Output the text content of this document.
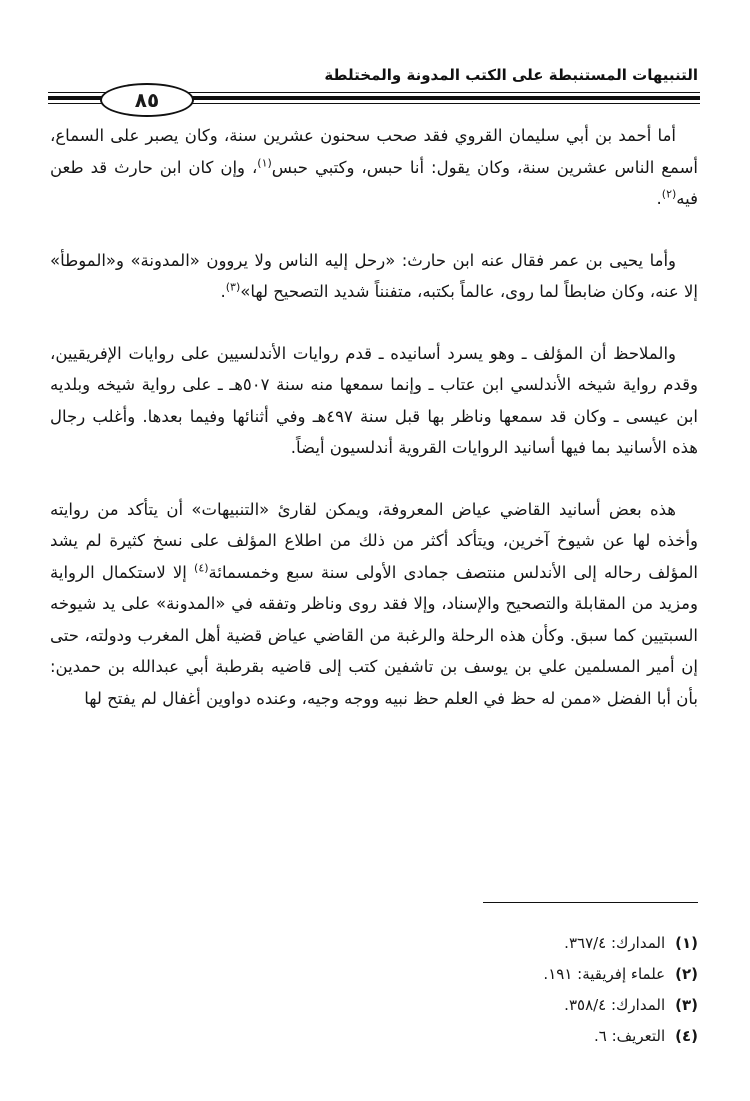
التنبيهات المستنبطة على الكتب المدونة والمختلطة
٨٥

أما أحمد بن أبي سليمان القروي فقد صحب سحنون عشرين سنة، وكان يصبر على السماع، أسمع الناس عشرين سنة، وكان يقول: أنا حبس، وكتبي حبس$^{(١)}$، وإن كان ابن حارث قد طعن فيه$^{(٢)}$.

وأما يحيى بن عمر فقال عنه ابن حارث: «رحل إليه الناس ولا يروون «المدونة» و«الموطأ» إلا عنه، وكان ضابطاً لما روى، عالماً بكتبه، متفنناً شديد التصحيح لها»$^{(٣)}$.

والملاحظ أن المؤلف ـ وهو يسرد أسانيده ـ قدم روايات الأندلسيين على روايات الإفريقيين، وقدم رواية شيخه الأندلسي ابن عتاب ـ وإنما سمعها منه سنة ٥٠٧هـ ـ على رواية شيخه وبلديه ابن عيسى ـ وكان قد سمعها وناظر بها قبل سنة ٤٩٧هـ وفي أثنائها وفيما بعدها. وأغلب رجال هذه الأسانيد بما فيها أسانيد الروايات القروية أندلسيون أيضاً.

هذه بعض أسانيد القاضي عياض المعروفة، ويمكن لقارئ «التنبيهات» أن يتأكد من روايته وأخذه لها عن شيوخ آخرين، ويتأكد أكثر من ذلك من اطلاع المؤلف على نسخ كثيرة لم يشد المؤلف رحاله إلى الأندلس منتصف جمادى الأولى سنة سبع وخمسمائة$^{(٤)}$ إلا لاستكمال الرواية ومزيد من المقابلة والتصحيح والإسناد، وإلا فقد روى وناظر وتفقه في «المدونة» على يد شيوخه السبتيين كما سبق. وكأن هذه الرحلة والرغبة من القاضي عياض قضية أهل المغرب ودولته، حتى إن أمير المسلمين علي بن يوسف بن تاشفين كتب إلى قاضيه بقرطبة أبي عبدالله بن حمدين: بأن أبا الفضل «ممن له حظ في العلم حظ نبيه ووجه وجيه، وعنده دواوين أغفال لم يفتح لها

(١)المدارك: ٣٦٧/٤.
(٢)علماء إفريقية: ١٩١.
(٣)المدارك: ٣٥٨/٤.
(٤)التعريف: ٦.
